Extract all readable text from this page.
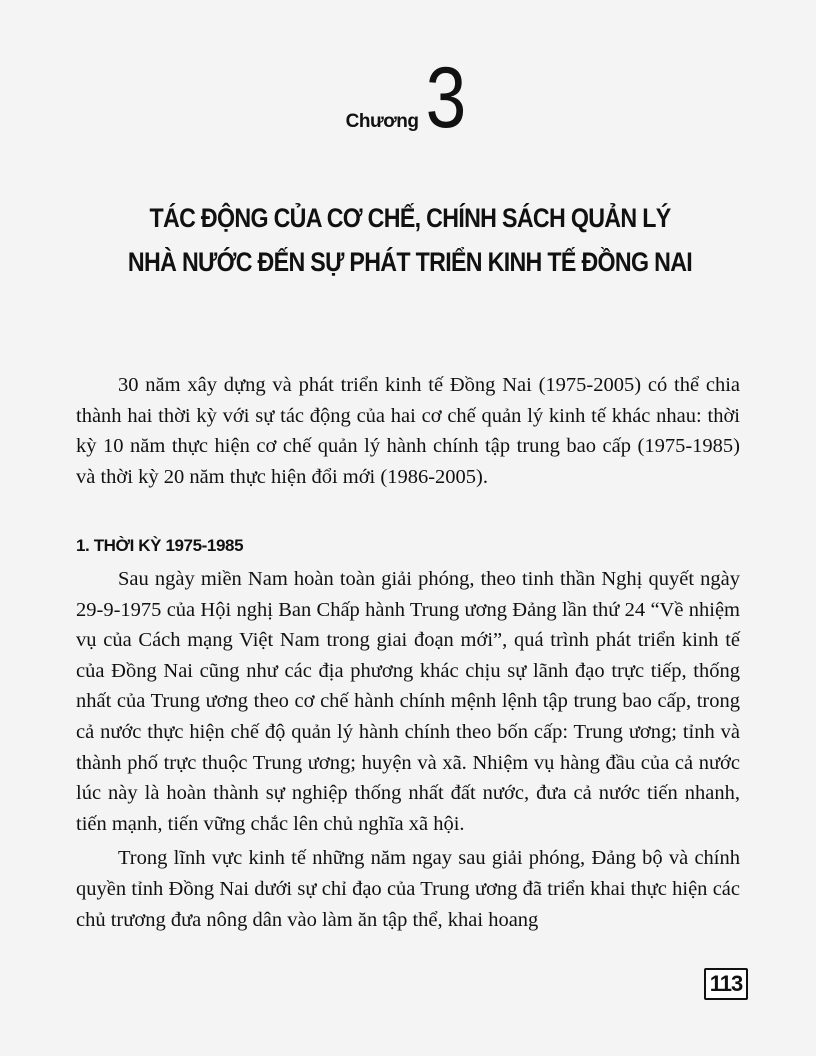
Chương3
TÁC ĐỘNG CỦA CƠ CHẾ, CHÍNH SÁCH QUẢN LÝ
NHÀ NƯỚC ĐẾN SỰ PHÁT TRIỂN KINH TẾ ĐỒNG NAI

30 năm xây dựng và phát triển kinh tế Đồng Nai (1975-2005) có thể chia thành hai thời kỳ với sự tác động của hai cơ chế quản lý kinh tế khác nhau: thời kỳ 10 năm thực hiện cơ chế quản lý hành chính tập trung bao cấp (1975-1985) và thời kỳ 20 năm thực hiện đổi mới (1986-2005).

1. THỜI KỲ 1975-1985

Sau ngày miền Nam hoàn toàn giải phóng, theo tinh thần Nghị quyết ngày 29-9-1975 của Hội nghị Ban Chấp hành Trung ương Đảng lần thứ 24 “Về nhiệm vụ của Cách mạng Việt Nam trong giai đoạn mới”, quá trình phát triển kinh tế của Đồng Nai cũng như các địa phương khác chịu sự lãnh đạo trực tiếp, thống nhất của Trung ương theo cơ chế hành chính mệnh lệnh tập trung bao cấp, trong cả nước thực hiện chế độ quản lý hành chính theo bốn cấp: Trung ương; tỉnh và thành phố trực thuộc Trung ương; huyện và xã. Nhiệm vụ hàng đầu của cả nước lúc này là hoàn thành sự nghiệp thống nhất đất nước, đưa cả nước tiến nhanh, tiến mạnh, tiến vững chắc lên chủ nghĩa xã hội.

Trong lĩnh vực kinh tế những năm ngay sau giải phóng, Đảng bộ và chính quyền tỉnh Đồng Nai dưới sự chỉ đạo của Trung ương đã triển khai thực hiện các chủ trương đưa nông dân vào làm ăn tập thể, khai hoang

113
